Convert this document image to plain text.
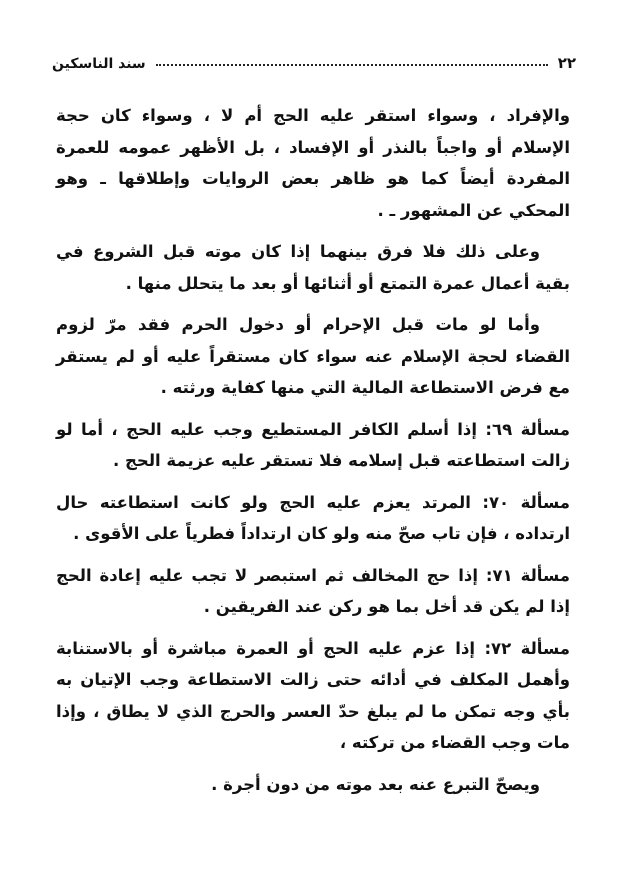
٢٢
سند الناسكين

والإفراد ، وسواء استقر عليه الحج أم لا ، وسواء كان حجة الإسلام أو واجباً بالنذر أو الإفساد ، بل الأظهر عمومه للعمرة المفردة أيضاً كما هو ظاهر بعض الروايات وإطلاقها ـ وهو المحكي عن المشهور ـ .

وعلى ذلك فلا فرق بينهما إذا كان موته قبل الشروع في بقية أعمال عمرة التمتع أو أثنائها أو بعد ما يتحلل منها .

وأما لو مات قبل الإحرام أو دخول الحرم فقد مرّ لزوم القضاء لحجة الإسلام عنه سواء كان مستقراً عليه أو لم يستقر مع فرض الاستطاعة المالية التي منها كفاية ورثته .

مسألة ٦٩: إذا أسلم الكافر المستطيع وجب عليه الحج ، أما لو زالت استطاعته قبل إسلامه فلا تستقر عليه عزيمة الحج .

مسألة ٧٠: المرتد يعزم عليه الحج ولو كانت استطاعته حال ارتداده ، فإن تاب صحّ منه ولو كان ارتداداً فطرياً على الأقوى .

مسألة ٧١: إذا حج المخالف ثم استبصر لا تجب عليه إعادة الحج إذا لم يكن قد أخل بما هو ركن عند الفريقين .

مسألة ٧٢: إذا عزم عليه الحج أو العمرة مباشرة أو بالاستنابة وأهمل المكلف في أدائه حتى زالت الاستطاعة وجب الإتيان به بأي وجه تمكن ما لم يبلغ حدّ العسر والحرج الذي لا يطاق ، وإذا مات وجب القضاء من تركته ،

ويصحّ التبرع عنه بعد موته من دون أجرة .
